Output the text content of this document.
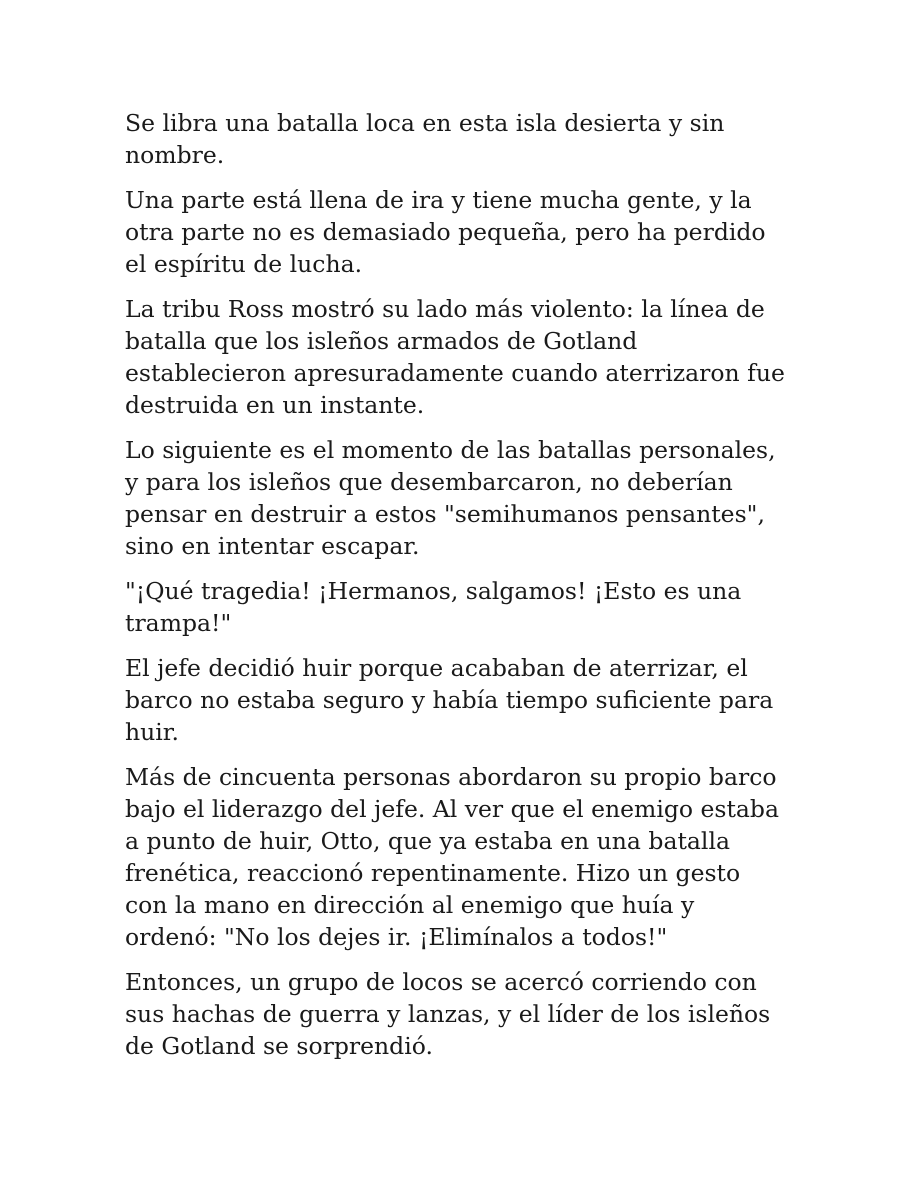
Se libra una batalla loca en esta isla desierta y sin nombre.

Una parte está llena de ira y tiene mucha gente, y la otra parte no es demasiado pequeña, pero ha perdido el espíritu de lucha.

La tribu Ross mostró su lado más violento: la línea de batalla que los isleños armados de Gotland establecieron apresuradamente cuando aterrizaron fue destruida en un instante.

Lo siguiente es el momento de las batallas personales, y para los isleños que desembarcaron, no deberían pensar en destruir a estos "semihumanos pensantes", sino en intentar escapar.

"¡Qué tragedia! ¡Hermanos, salgamos! ¡Esto es una trampa!"

El jefe decidió huir porque acababan de aterrizar, el barco no estaba seguro y había tiempo suficiente para huir.

Más de cincuenta personas abordaron su propio barco bajo el liderazgo del jefe. Al ver que el enemigo estaba a punto de huir, Otto, que ya estaba en una batalla frenética, reaccionó repentinamente. Hizo un gesto con la mano en dirección al enemigo que huía y ordenó: "No los dejes ir. ¡Elimínalos a todos!"

Entonces, un grupo de locos se acercó corriendo con sus hachas de guerra y lanzas, y el líder de los isleños de Gotland se sorprendió.
